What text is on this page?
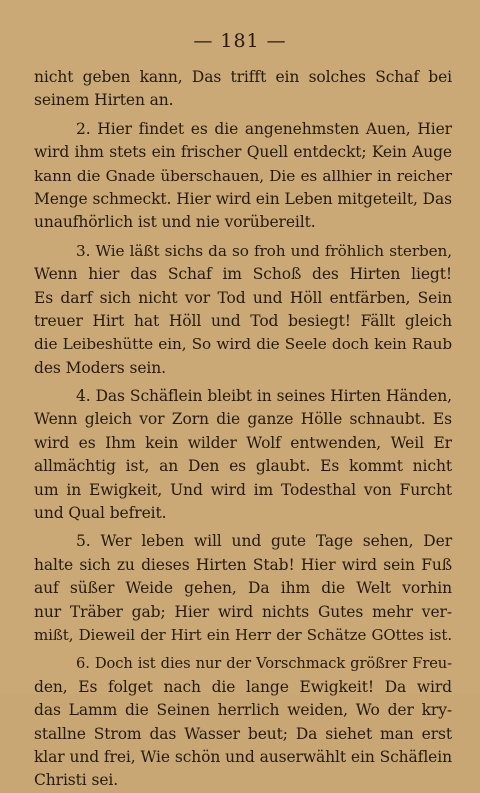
— 181 —
nicht geben kann, Das trifft ein solches Schaf bei
seinem Hirten an.
2. Hier findet es die angenehmsten Auen, Hier
wird ihm stets ein frischer Quell entdeckt; Kein Auge
kann die Gnade überschauen, Die es allhier in reicher
Menge schmeckt. Hier wird ein Leben mitgeteilt, Das
unaufhörlich ist und nie vorübereilt.
3. Wie läßt sichs da so froh und fröhlich sterben,
Wenn hier das Schaf im Schoß des Hirten liegt!
Es darf sich nicht vor Tod und Höll entfärben, Sein
treuer Hirt hat Höll und Tod besiegt! Fällt gleich
die Leibeshütte ein, So wird die Seele doch kein Raub
des Moders sein.
4. Das Schäflein bleibt in seines Hirten Händen,
Wenn gleich vor Zorn die ganze Hölle schnaubt. Es
wird es Ihm kein wilder Wolf entwenden, Weil Er
allmächtig ist, an Den es glaubt. Es kommt nicht
um in Ewigkeit, Und wird im Todesthal von Furcht
und Qual befreit.
5. Wer leben will und gute Tage sehen, Der
halte sich zu dieses Hirten Stab! Hier wird sein Fuß
auf süßer Weide gehen, Da ihm die Welt vorhin
nur Träber gab; Hier wird nichts Gutes mehr ver-
mißt, Dieweil der Hirt ein Herr der Schätze GOttes ist.
6. Doch ist dies nur der Vorschmack größrer Freu-
den, Es folget nach die lange Ewigkeit! Da wird
das Lamm die Seinen herrlich weiden, Wo der kry-
stallne Strom das Wasser beut; Da siehet man erst
klar und frei, Wie schön und auserwählt ein Schäflein
Christi sei.
